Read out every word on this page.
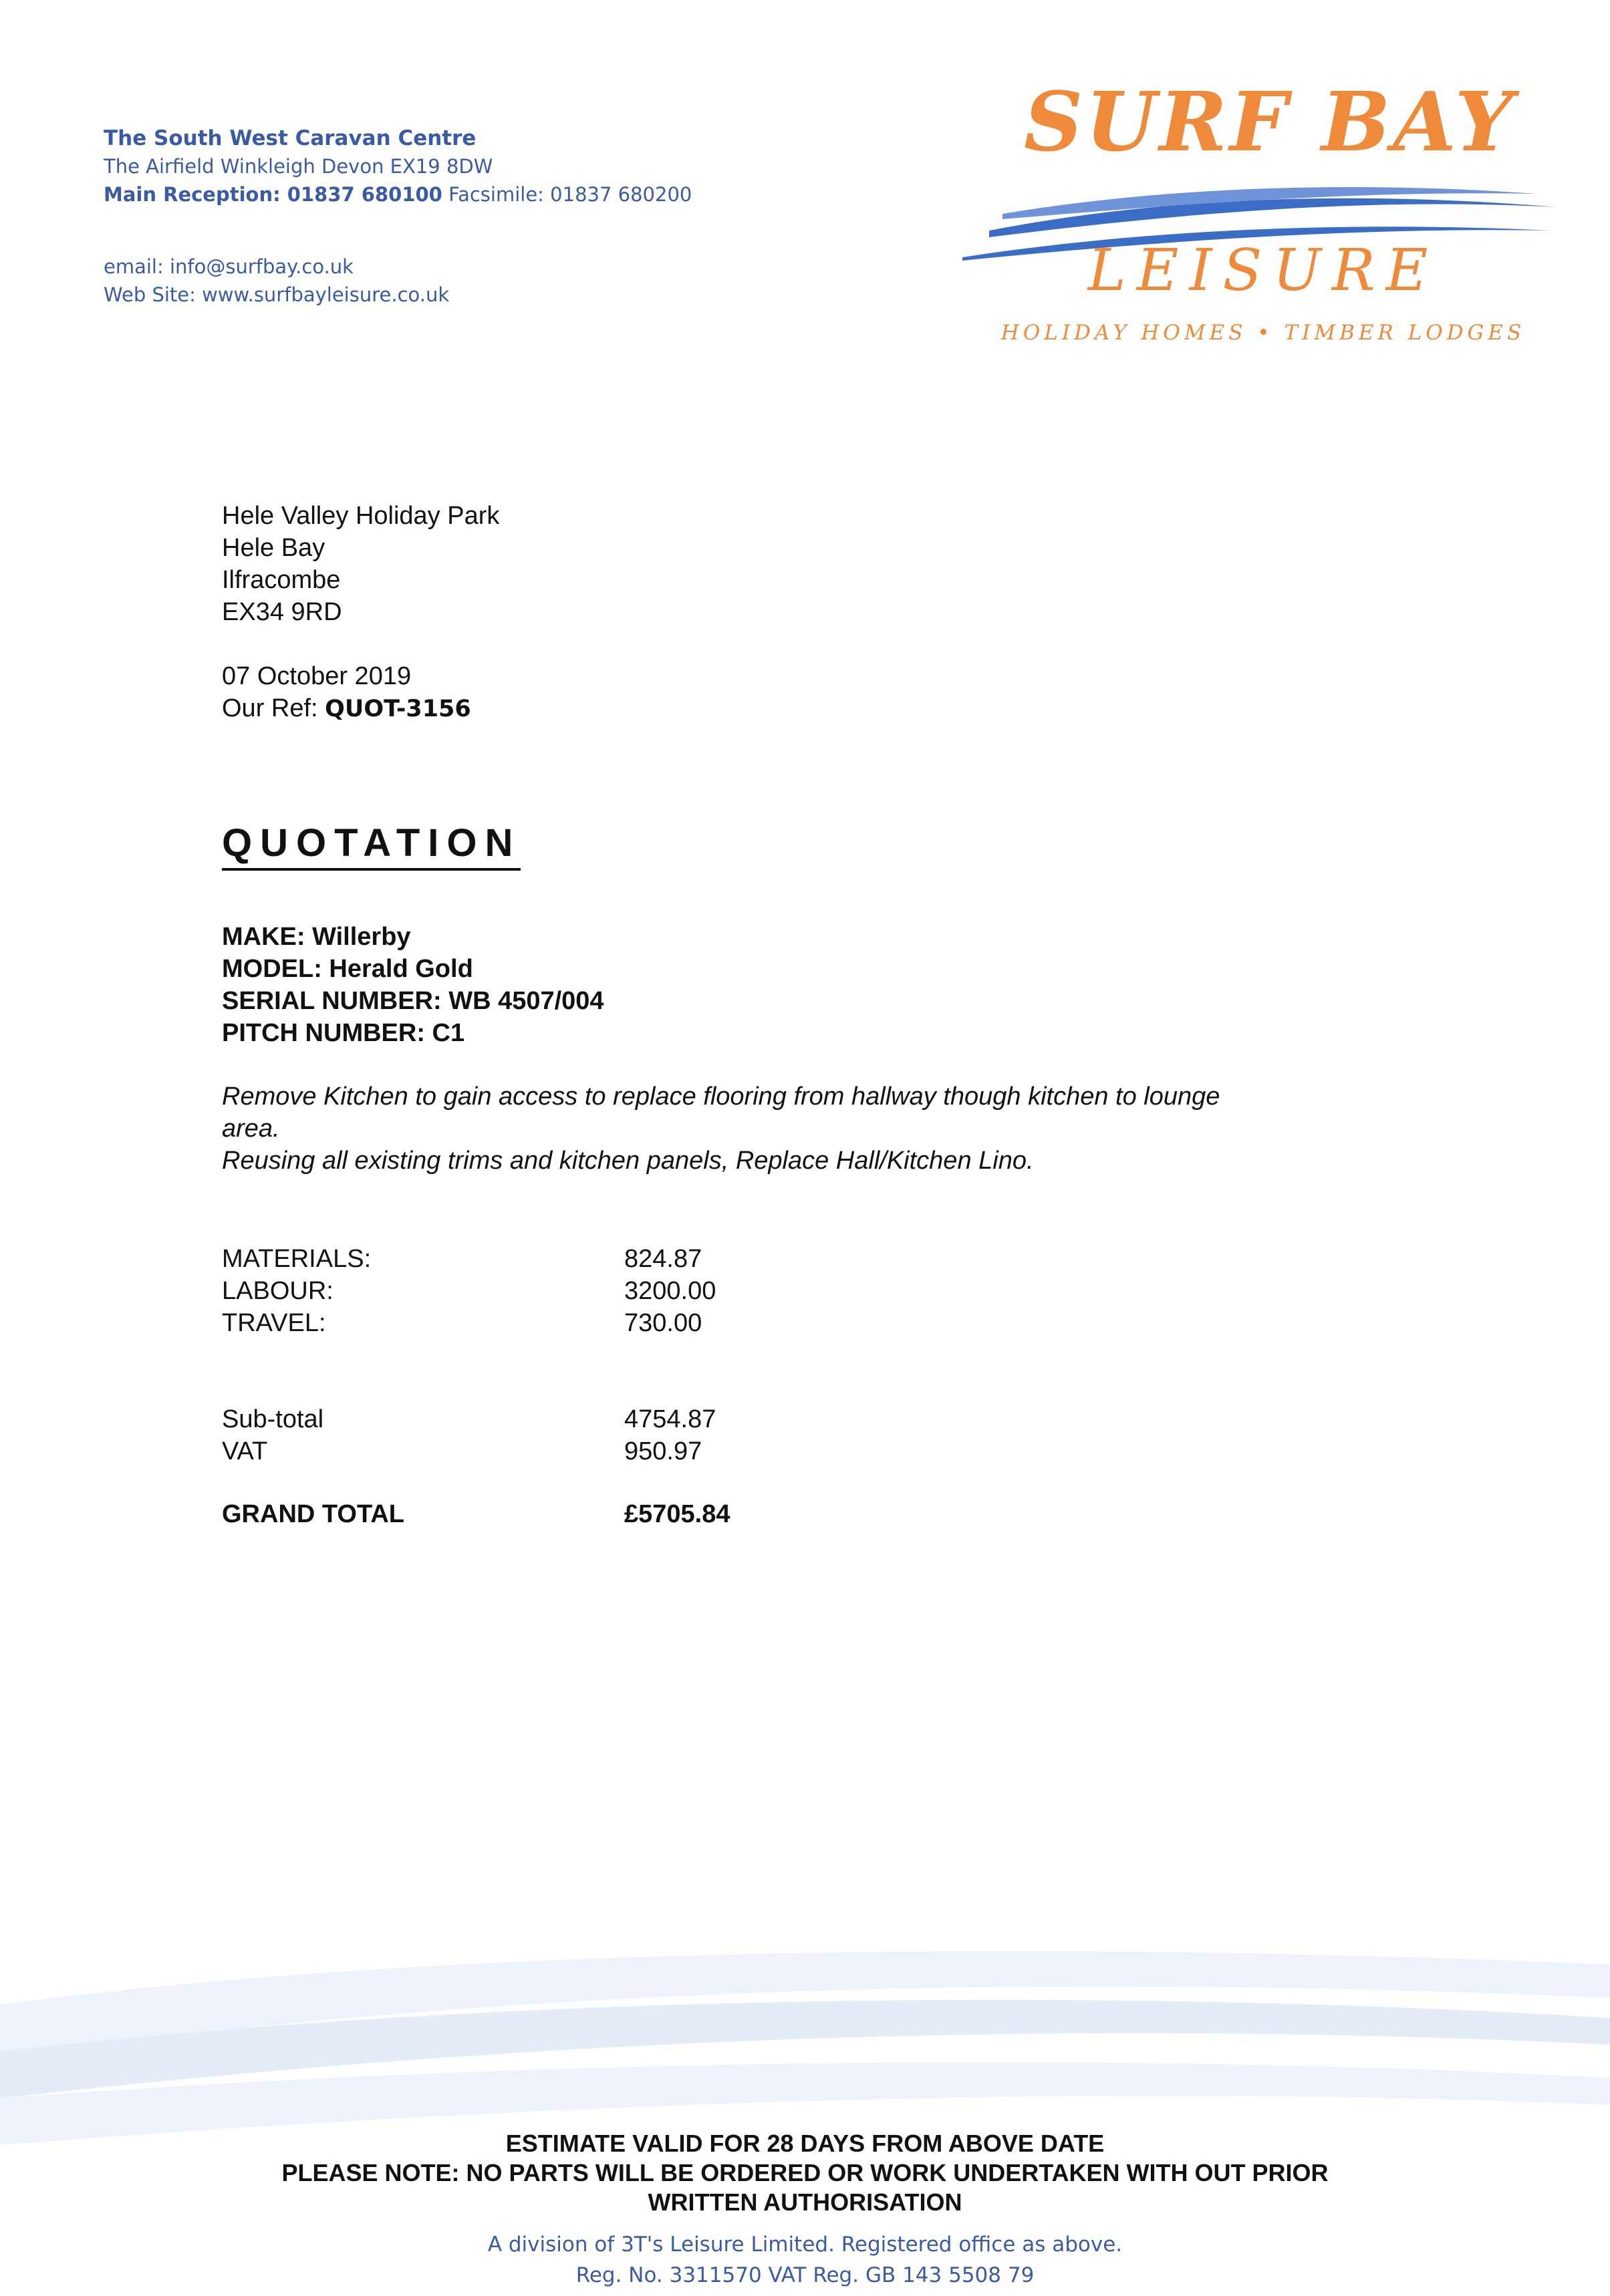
The South West Caravan Centre
The Airfield Winkleigh Devon EX19 8DW
Main Reception: 01837 680100 Facsimile: 01837 680200
email: info@surfbay.co.uk
Web Site: www.surfbayleisure.co.uk
SURF BAY
LEISURE
HOLIDAY HOMES • TIMBER LODGES
Hele Valley Holiday Park
Hele Bay
Ilfracombe
EX34 9RD
07 October 2019
Our Ref: QUOT-3156
QUOTATION
MAKE: Willerby
MODEL: Herald Gold
SERIAL NUMBER: WB 4507/004
PITCH NUMBER: C1
Remove Kitchen to gain access to replace flooring from hallway though kitchen to lounge
area.
Reusing all existing trims and kitchen panels, Replace Hall/Kitchen Lino.
MATERIALS:	824.87
LABOUR:	3200.00
TRAVEL:	730.00
Sub-total	4754.87
VAT	950.97
GRAND TOTAL	£5705.84
ESTIMATE VALID FOR 28 DAYS FROM ABOVE DATE
PLEASE NOTE: NO PARTS WILL BE ORDERED OR WORK UNDERTAKEN WITH OUT PRIOR
WRITTEN AUTHORISATION
A division of 3T's Leisure Limited. Registered office as above.
Reg. No. 3311570 VAT Reg. GB 143 5508 79
